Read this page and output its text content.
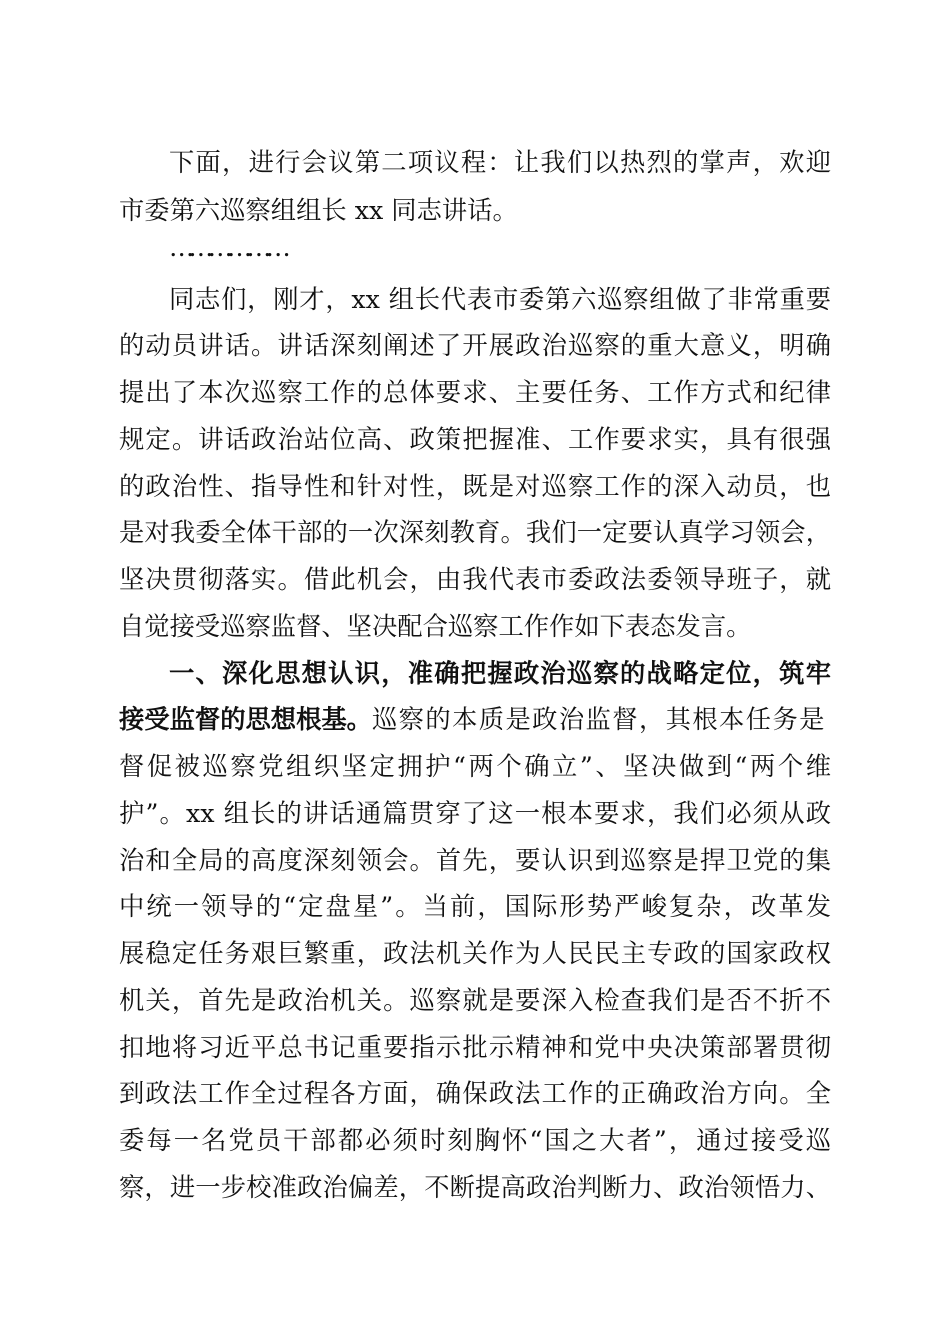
下面，进行会议第二项议程：让我们以热烈的掌声，欢迎
市委第六巡察组组长 xx 同志讲话。
………………
同志们，刚才，xx 组长代表市委第六巡察组做了非常重要
的动员讲话。讲话深刻阐述了开展政治巡察的重大意义，明确
提出了本次巡察工作的总体要求、主要任务、工作方式和纪律
规定。讲话政治站位高、政策把握准、工作要求实，具有很强
的政治性、指导性和针对性，既是对巡察工作的深入动员，也
是对我委全体干部的一次深刻教育。我们一定要认真学习领会，
坚决贯彻落实。借此机会，由我代表市委政法委领导班子，就
自觉接受巡察监督、坚决配合巡察工作作如下表态发言。
一、深化思想认识，准确把握政治巡察的战略定位，筑牢
接受监督的思想根基。巡察的本质是政治监督，其根本任务是
督促被巡察党组织坚定拥护“两个确立”、坚决做到“两个维
护”。xx 组长的讲话通篇贯穿了这一根本要求，我们必须从政
治和全局的高度深刻领会。首先，要认识到巡察是捍卫党的集
中统一领导的“定盘星”。当前，国际形势严峻复杂，改革发
展稳定任务艰巨繁重，政法机关作为人民民主专政的国家政权
机关，首先是政治机关。巡察就是要深入检查我们是否不折不
扣地将习近平总书记重要指示批示精神和党中央决策部署贯彻
到政法工作全过程各方面，确保政法工作的正确政治方向。全
委每一名党员干部都必须时刻胸怀“国之大者”，通过接受巡
察，进一步校准政治偏差，不断提高政治判断力、政治领悟力、
